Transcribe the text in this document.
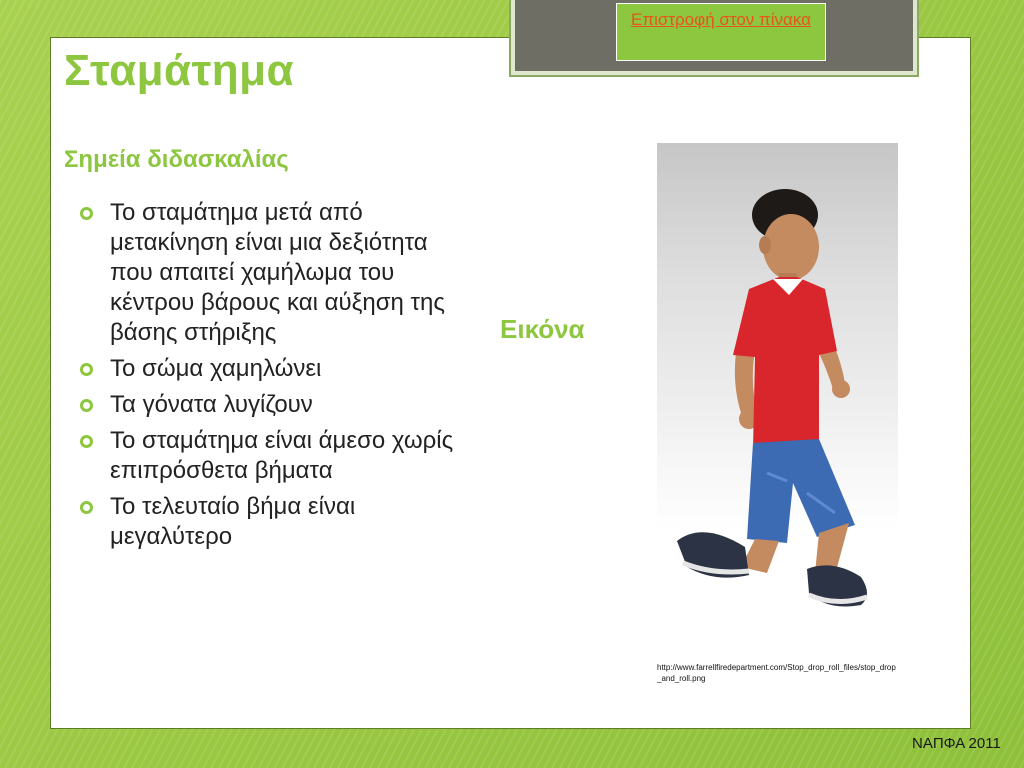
Επιστροφή στον πίνακα
Σταμάτημα
Σημεία διδασκαλίας
Το σταμάτημα μετά από μετακίνηση είναι μια δεξιότητα που απαιτεί χαμήλωμα του κέντρου βάρους και αύξηση της βάσης στήριξης
Το σώμα χαμηλώνει
Τα γόνατα λυγίζουν
Το σταμάτημα είναι άμεσο χωρίς επιπρόσθετα βήματα
Το τελευταίο βήμα είναι μεγαλύτερο
Εικόνα
http://www.farrellfiredepartment.com/Stop_drop_roll_files/stop_drop_and_roll.png
ΝΑΠΦΑ 2011
